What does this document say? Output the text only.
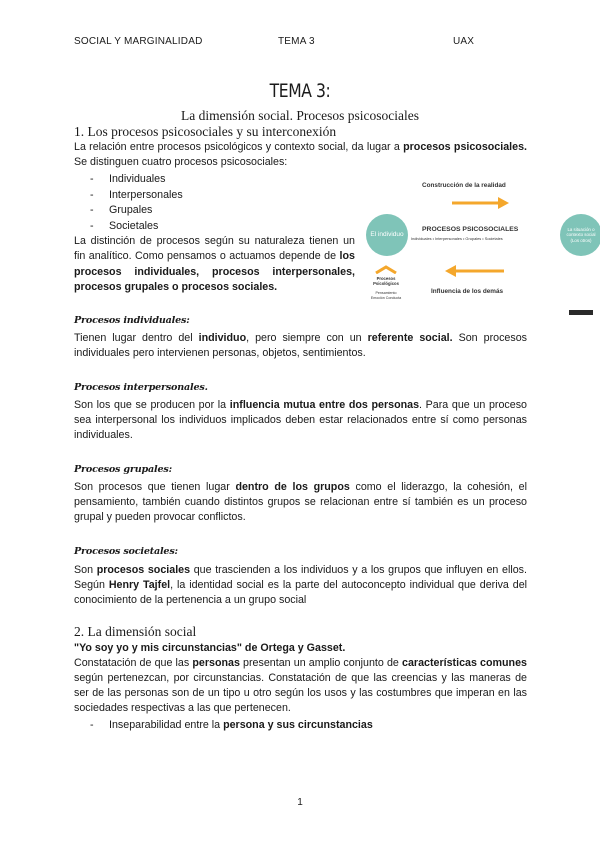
SOCIAL Y MARGINALIDAD	TEMA 3	UAX
TEMA 3:
La dimensión social. Procesos psicosociales
1. Los procesos psicosociales y su interconexión
La relación entre procesos psicológicos y contexto social, da lugar a procesos psicosociales. Se distinguen cuatro procesos psicosociales:
- Individuales
- Interpersonales
- Grupales
- Societales
La distinción de procesos según su naturaleza tienen un fin analítico. Como pensamos o actuamos depende de los procesos individuales, procesos interpersonales, procesos grupales o procesos sociales.
Construcción de la realidad
El individuo
La situación o contexto social (Los otros)
PROCESOS PSICOSOCIALES
Individuales • Interpersonales • Grupales • Societales
Procesos Psicológicos
Pensamiento Emoción Conducta
Influencia de los demás
Procesos individuales:
Tienen lugar dentro del individuo, pero siempre con un referente social. Son procesos individuales pero intervienen personas, objetos, sentimientos.
Procesos interpersonales.
Son los que se producen por la influencia mutua entre dos personas. Para que un proceso sea interpersonal los individuos implicados deben estar relacionados entre sí como personas individuales.
Procesos grupales:
Son procesos que tienen lugar dentro de los grupos como el liderazgo, la cohesión, el pensamiento, también cuando distintos grupos se relacionan entre sí también es un proceso grupal y pueden provocar conflictos.
Procesos societales:
Son procesos sociales que trascienden a los individuos y a los grupos que influyen en ellos. Según Henry Tajfel, la identidad social es la parte del autoconcepto individual que deriva del conocimiento de la pertenencia a un grupo social
2. La dimensión social
"Yo soy yo y mis circunstancias" de Ortega y Gasset.
Constatación de que las personas presentan un amplio conjunto de características comunes según pertenezcan, por circunstancias. Constatación de que las creencias y las maneras de ser de las personas son de un tipo u otro según los usos y las costumbres que imperan en las sociedades respectivas a las que pertenecen.
- Inseparabilidad entre la persona y sus circunstancias
1
